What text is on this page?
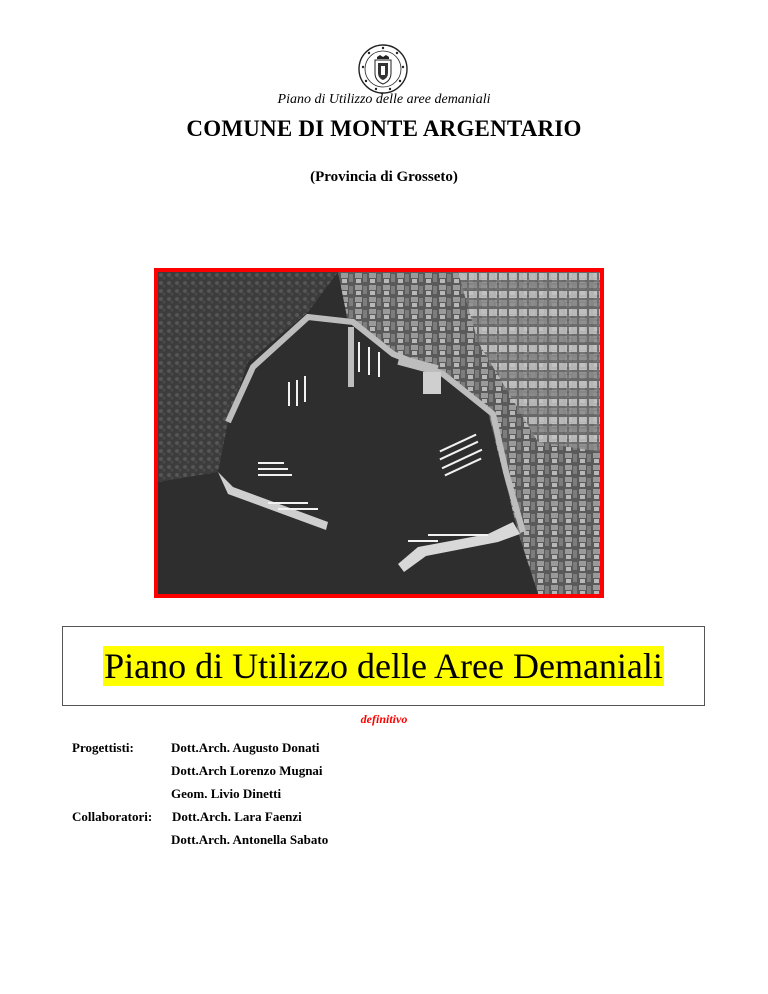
Piano di Utilizzo delle aree demaniali
COMUNE DI MONTE ARGENTARIO
(Provincia di Grosseto)
Piano di Utilizzo delle Aree Demaniali
definitivo
Progettisti:	Dott.Arch. Augusto Donati
Dott.Arch Lorenzo Mugnai
Geom. Livio Dinetti
Collaboratori: Dott.Arch. Lara Faenzi
Dott.Arch. Antonella Sabato
